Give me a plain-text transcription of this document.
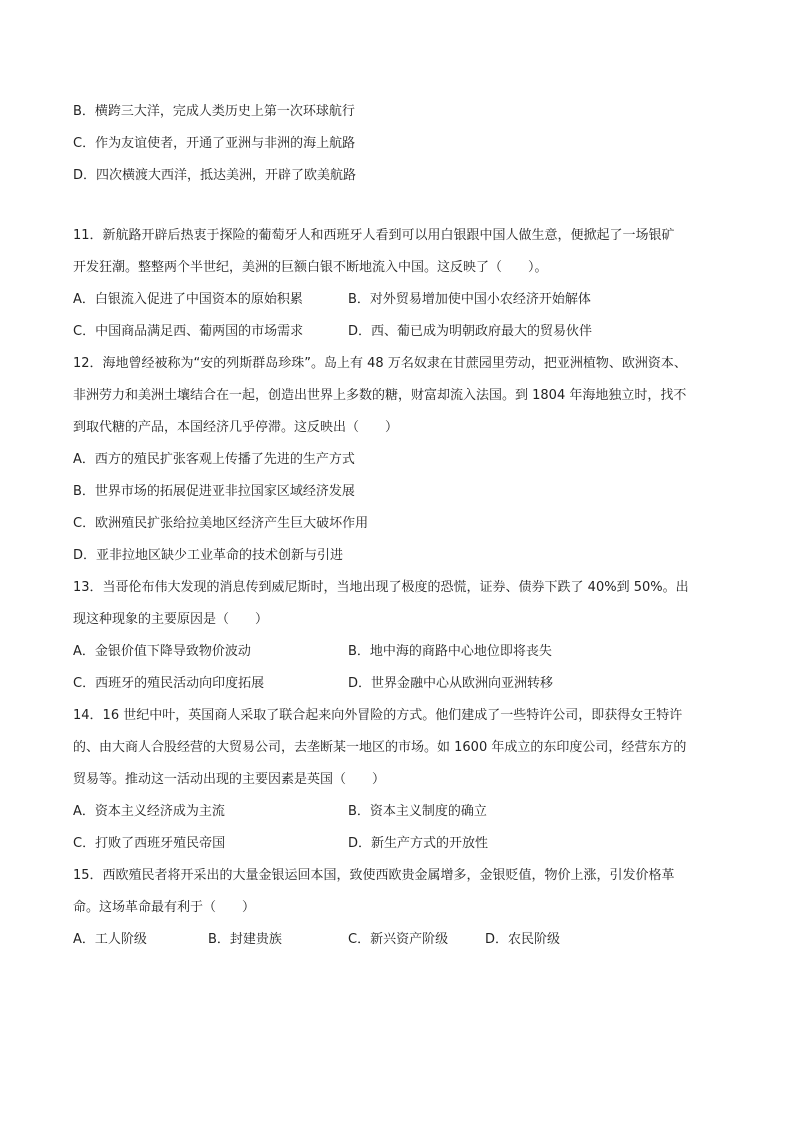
B．横跨三大洋，完成人类历史上第一次环球航行
C．作为友谊使者，开通了亚洲与非洲的海上航路
D．四次横渡大西洋，抵达美洲，开辟了欧美航路
11．新航路开辟后热衷于探险的葡萄牙人和西班牙人看到可以用白银跟中国人做生意，便掀起了一场银矿
开发狂潮。整整两个半世纪，美洲的巨额白银不断地流入中国。这反映了（　　）。
A．白银流入促进了中国资本的原始积累	B．对外贸易增加使中国小农经济开始解体
C．中国商品满足西、葡两国的市场需求	D．西、葡已成为明朝政府最大的贸易伙伴
12．海地曾经被称为“安的列斯群岛珍珠”。岛上有 48 万名奴隶在甘蔗园里劳动，把亚洲植物、欧洲资本、
非洲劳力和美洲土壤结合在一起，创造出世界上多数的糖，财富却流入法国。到 1804 年海地独立时，找不
到取代糖的产品，本国经济几乎停滞。这反映出（　　）
A．西方的殖民扩张客观上传播了先进的生产方式
B．世界市场的拓展促进亚非拉国家区域经济发展
C．欧洲殖民扩张给拉美地区经济产生巨大破坏作用
D．亚非拉地区缺少工业革命的技术创新与引进
13．当哥伦布伟大发现的消息传到威尼斯时，当地出现了极度的恐慌，证券、债券下跌了 40%到 50%。出
现这种现象的主要原因是（　　）
A．金银价值下降导致物价波动	B．地中海的商路中心地位即将丧失
C．西班牙的殖民活动向印度拓展	D．世界金融中心从欧洲向亚洲转移
14．16 世纪中叶，英国商人采取了联合起来向外冒险的方式。他们建成了一些特许公司，即获得女王特许
的、由大商人合股经营的大贸易公司，去垄断某一地区的市场。如 1600 年成立的东印度公司，经营东方的
贸易等。推动这一活动出现的主要因素是英国（　　）
A．资本主义经济成为主流	B．资本主义制度的确立
C．打败了西班牙殖民帝国	D．新生产方式的开放性
15．西欧殖民者将开采出的大量金银运回本国，致使西欧贵金属增多，金银贬值，物价上涨，引发价格革
命。这场革命最有利于（　　）
A．工人阶级	B．封建贵族	C．新兴资产阶级	D．农民阶级
